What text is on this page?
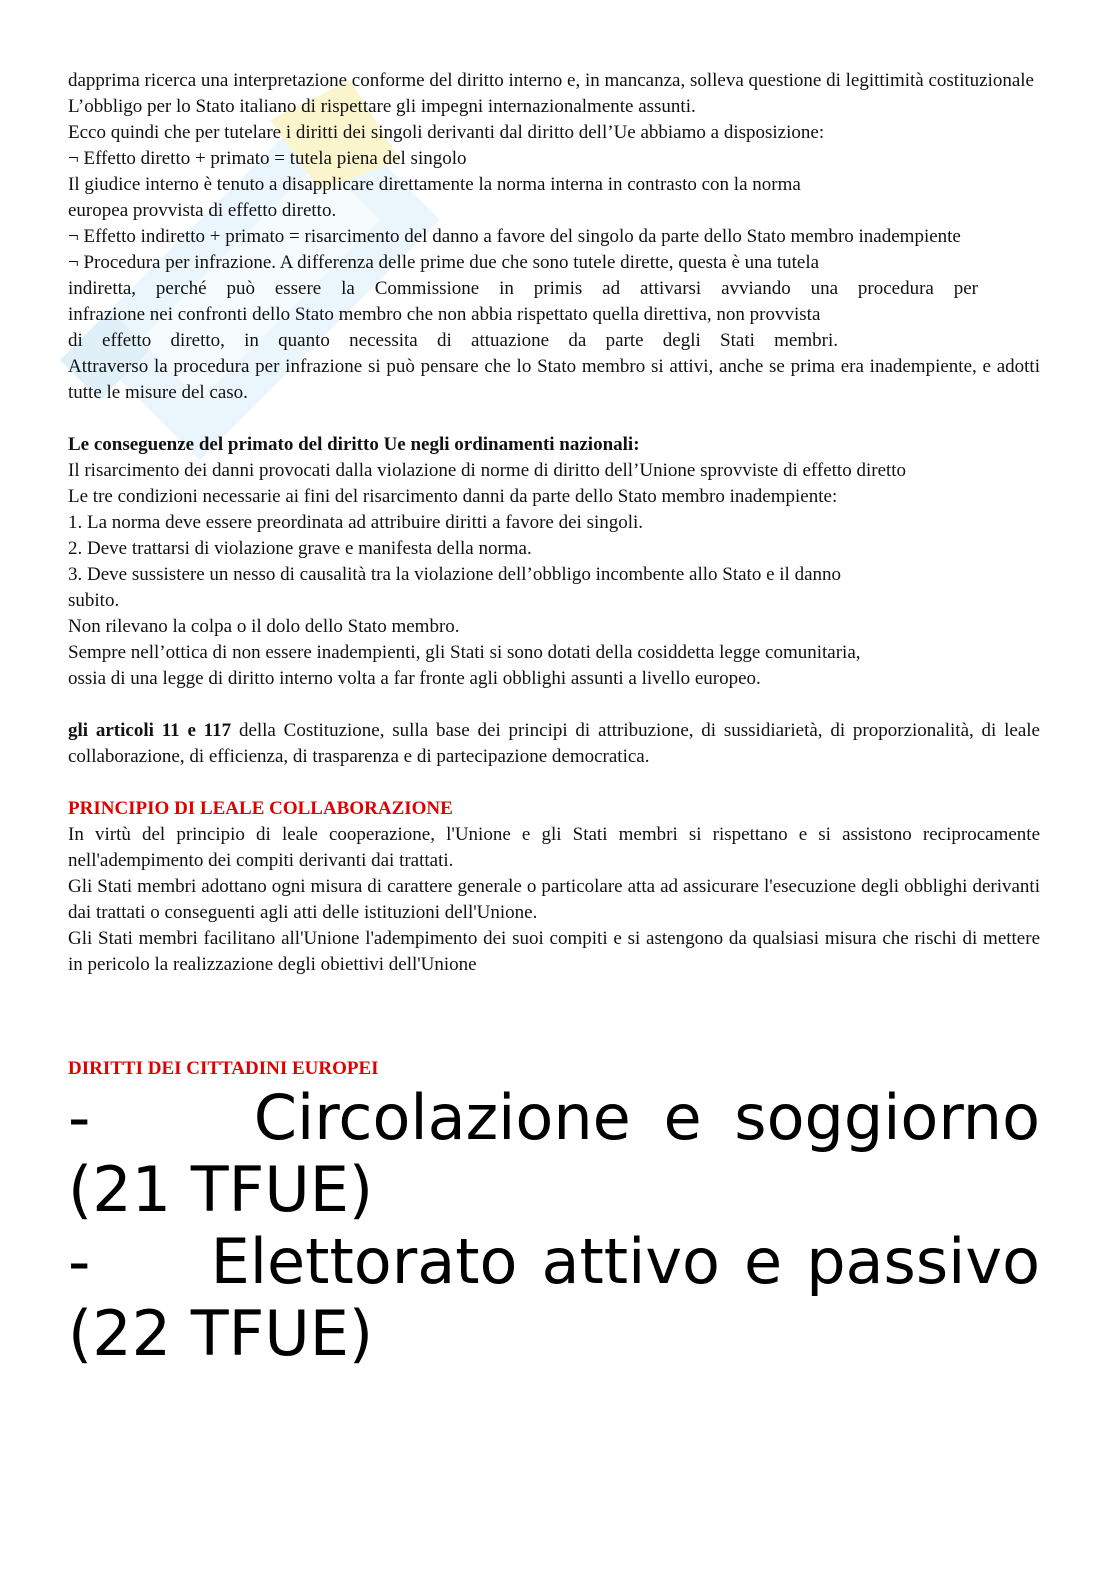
dapprima ricerca una interpretazione conforme del diritto interno e, in mancanza, solleva questione di legittimità costituzionale

L’obbligo per lo Stato italiano di rispettare gli impegni internazionalmente assunti.

Ecco quindi che per tutelare i diritti dei singoli derivanti dal diritto dell’Ue abbiamo a disposizione:

¬ Effetto diretto + primato = tutela piena del singolo

Il giudice interno è tenuto a disapplicare direttamente la norma interna in contrasto con la norma

europea provvista di effetto diretto.

¬ Effetto indiretto + primato = risarcimento del danno a favore del singolo da parte dello Stato membro inadempiente

¬ Procedura per infrazione. A differenza delle prime due che sono tutele dirette, questa è una tutela

indiretta, perché può essere la Commissione in primis ad attivarsi avviando una procedura per

infrazione nei confronti dello Stato membro che non abbia rispettato quella direttiva, non provvista

di effetto diretto, in quanto necessita di attuazione da parte degli Stati membri.

Attraverso la procedura per infrazione si può pensare che lo Stato membro si attivi, anche se prima era inadempiente, e adotti tutte le misure del caso.

Le conseguenze del primato del diritto Ue negli ordinamenti nazionali:

Il risarcimento dei danni provocati dalla violazione di norme di diritto dell’Unione sprovviste di effetto diretto

Le tre condizioni necessarie ai fini del risarcimento danni da parte dello Stato membro inadempiente:

1. La norma deve essere preordinata ad attribuire diritti a favore dei singoli.

2. Deve trattarsi di violazione grave e manifesta della norma.

3. Deve sussistere un nesso di causalità tra la violazione dell’obbligo incombente allo Stato e il danno

subito.

Non rilevano la colpa o il dolo dello Stato membro.

Sempre nell’ottica di non essere inadempienti, gli Stati si sono dotati della cosiddetta legge comunitaria,

ossia di una legge di diritto interno volta a far fronte agli obblighi assunti a livello europeo.

gli articoli 11 e 117 della Costituzione, sulla base dei principi di attribuzione, di sussidiarietà, di proporzionalità, di leale collaborazione, di efficienza, di trasparenza e di partecipazione democratica.

PRINCIPIO DI LEALE COLLABORAZIONE

In virtù del principio di leale cooperazione, l'Unione e gli Stati membri si rispettano e si assistono reciprocamente nell'adempimento dei compiti derivanti dai trattati.

Gli Stati membri adottano ogni misura di carattere generale o particolare atta ad assicurare l'esecuzione degli obblighi derivanti dai trattati o conseguenti agli atti delle istituzioni dell'Unione.

Gli Stati membri facilitano all'Unione l'adempimento dei suoi compiti e si astengono da qualsiasi misura che rischi di mettere in pericolo la realizzazione degli obiettivi dell'Unione

DIRITTI DEI CITTADINI EUROPEI

-     Circolazione e soggiorno (21 TFUE)

-     Elettorato attivo e passivo (22 TFUE)
